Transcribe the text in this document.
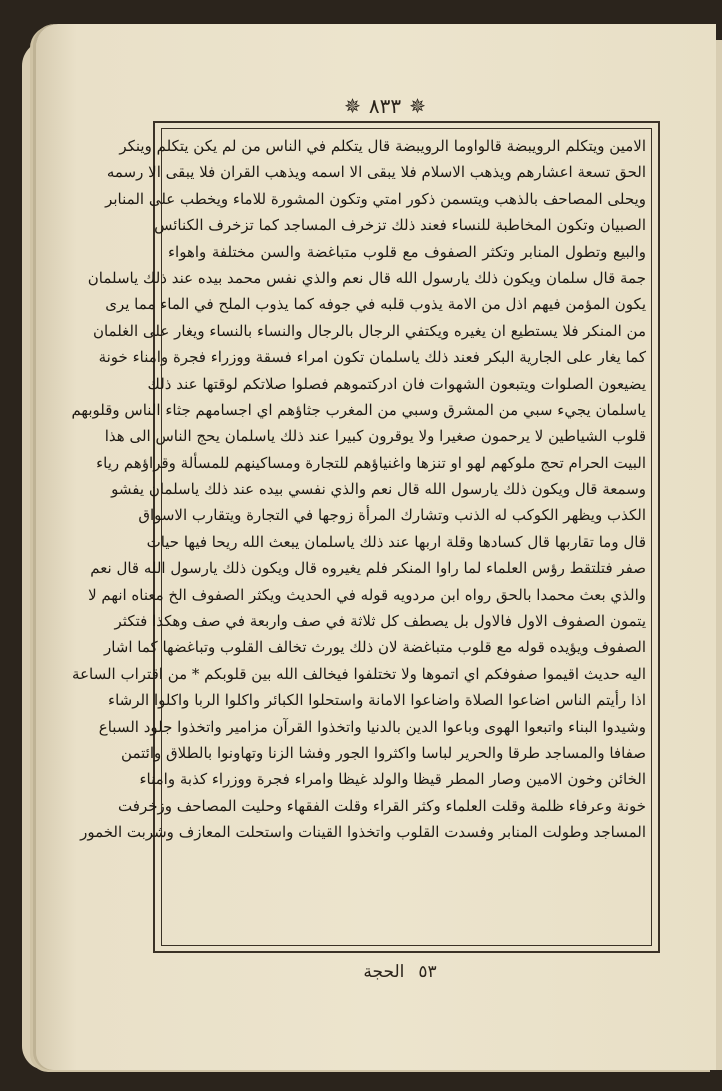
✵
٨٣٣
✵
الامين ويتكلم الرويبضة قالواوما الرويبضة قال يتكلم في الناس من لم يكن يتكلم وينكر
الحق تسعة اعشارهم ويذهب الاسلام فلا يبقى الا اسمه ويذهب القران فلا يبقى الا رسمه
ويحلى المصاحف بالذهب ويتسمن ذكور امتي وتكون المشورة للاماء ويخطب على المنابر
الصبيان وتكون المخاطبة للنساء فعند ذلك تزخرف المساجد كما تزخرف الكنائس
والبيع وتطول المنابر وتكثر الصفوف مع قلوب متباغضة والسن مختلفة واهواء
جمة قال سلمان ويكون ذلك يارسول الله قال نعم والذي نفس محمد بيده عند ذلك ياسلمان
يكون المؤمن فيهم اذل من الامة يذوب قلبه في جوفه كما يذوب الملح في الماء مما يرى
من المنكر فلا يستطيع ان يغيره ويكتفي الرجال بالرجال والنساء بالنساء ويغار على الغلمان
كما يغار على الجارية البكر فعند ذلك ياسلمان تكون امراء فسقة ووزراء فجرة وامناء خونة
يضيعون الصلوات ويتبعون الشهوات فان ادركتموهم فصلوا صلاتكم لوقتها عند ذلك
ياسلمان يجيء سبي من المشرق وسبي من المغرب جثاؤهم اي اجسامهم جثاء الناس وقلوبهم
قلوب الشياطين لا يرحمون صغيرا ولا يوقرون كبيرا عند ذلك ياسلمان يحج الناس الى هذا
البيت الحرام تحج ملوكهم لهو او تنزها واغنياؤهم للتجارة ومساكينهم للمسألة وقراؤهم رياء
وسمعة قال ويكون ذلك يارسول الله قال نعم والذي نفسي بيده عند ذلك ياسلمان يفشو
الكذب ويظهر الكوكب له الذنب وتشارك المرأة زوجها في التجارة ويتقارب الاسواق
قال وما تقاربها قال كسادها وقلة اربها عند ذلك ياسلمان يبعث الله ريحا فيها حيات
صفر فتلتقط رؤس العلماء لما راوا المنكر فلم يغيروه قال ويكون ذلك يارسول الله قال نعم
والذي بعث محمدا بالحق رواه ابن مردويه قوله في الحديث ويكثر الصفوف الخ معناه انهم لا
يتمون الصفوف الاول فالاول بل يصطف كل ثلاثة في صف واربعة في صف وهكذا فتكثر
الصفوف ويؤيده قوله مع قلوب متباغضة لان ذلك يورث تخالف القلوب وتباغضها كما اشار
اليه حديث اقيموا صفوفكم اي اتموها ولا تختلفوا فيخالف الله بين قلوبكم * من اقتراب الساعة
اذا رأيتم الناس اضاعوا الصلاة واضاعوا الامانة واستحلوا الكبائر واكلوا الربا واكلوا الرشاء
وشيدوا البناء واتبعوا الهوى وباعوا الدين بالدنيا واتخذوا القرآن مزامير واتخذوا جلود السباع
صفافا والمساجد طرقا والحرير لباسا واكثروا الجور وفشا الزنا وتهاونوا بالطلاق وائتمن
الخائن وخون الامين وصار المطر قيظا والولد غيظا وامراء فجرة ووزراء كذبة وامناء
خونة وعرفاء ظلمة وقلت العلماء وكثر القراء وقلت الفقهاء وحليت المصاحف وزخرفت
المساجد وطولت المنابر وفسدت القلوب واتخذوا القينات واستحلت المعازف وشربت الخمور
٥٣
الحجة
